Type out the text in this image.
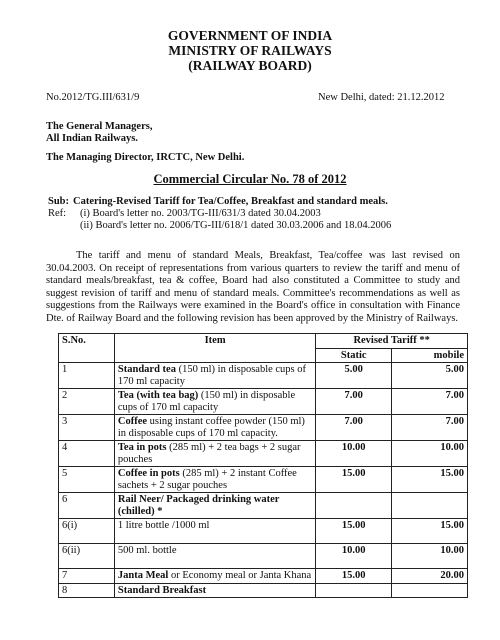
GOVERNMENT OF INDIA
MINISTRY OF RAILWAYS
(RAILWAY BOARD)
No.2012/TG.III/631/9	New Delhi, dated: 21.12.2012
The General Managers,
All Indian Railways.
The Managing Director, IRCTC, New Delhi.
Commercial Circular No. 78 of 2012
Sub: Catering-Revised Tariff for Tea/Coffee, Breakfast and standard meals.
Ref: (i) Board's letter no. 2003/TG-III/631/3 dated 30.04.2003
(ii) Board's letter no. 2006/TG-III/618/1 dated 30.03.2006 and 18.04.2006
The tariff and menu of standard Meals, Breakfast, Tea/coffee was last revised on 30.04.2003. On receipt of representations from various quarters to review the tariff and menu of standard meals/breakfast, tea & coffee, Board had also constituted a Committee to study and suggest revision of tariff and menu of standard meals. Committee's recommendations as well as suggestions from the Railways were examined in the Board's office in consultation with Finance Dte. of Railway Board and the following revision has been approved by the Ministry of Railways.
S.No.	Item	Revised Tariff **	
		Static	mobile
1	Standard tea (150 ml) in disposable cups of 170 ml capacity	5.00	5.00
2	Tea (with tea bag) (150 ml) in disposable cups of 170 ml capacity	7.00	7.00
3	Coffee using instant coffee powder (150 ml) in disposable cups of 170 ml capacity.	7.00	7.00
4	Tea in pots (285 ml) + 2 tea bags + 2 sugar pouches	10.00	10.00
5	Coffee in pots (285 ml) + 2 instant Coffee sachets + 2 sugar pouches	15.00	15.00
6	Rail Neer/ Packaged drinking water (chilled) *		
6(i)	1 litre bottle /1000 ml	15.00	15.00
6(ii)	500 ml. bottle	10.00	10.00
7	Janta Meal or Economy meal or Janta Khana	15.00	20.00
8	Standard Breakfast		
